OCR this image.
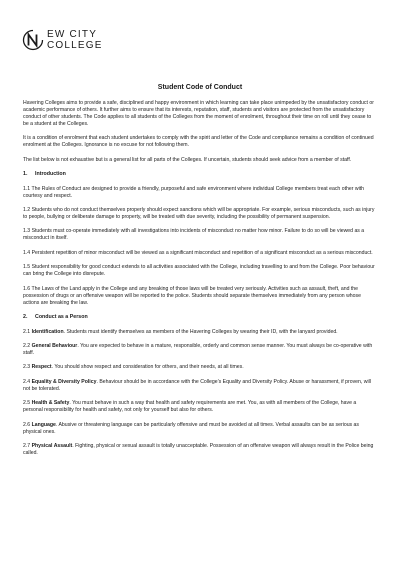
EW CITY
COLLEGE
Student Code of Conduct

Havering Colleges aims to provide a safe, disciplined and happy environment in which learning can take place unimpeded by the unsatisfactory conduct or academic performance of others. It further aims to ensure that its interests, reputation, staff, students and visitors are protected from the unsatisfactory conduct of other students. The Code applies to all students of the Colleges from the moment of enrolment, throughout their time on roll until they cease to be a student at the Colleges.

It is a condition of enrolment that each student undertakes to comply with the spirit and letter of the Code and compliance remains a condition of continued enrolment at the Colleges. Ignorance is no excuse for not following them.

The list below is not exhaustive but is a general list for all parts of the Colleges. If uncertain, students should seek advice from a member of staff.

1. Introduction

1.1 The Rules of Conduct are designed to provide a friendly, purposeful and safe environment where individual College members treat each other with courtesy and respect.

1.2 Students who do not conduct themselves properly should expect sanctions which will be appropriate. For example, serious misconducts, such as injury to people, bullying or deliberate damage to property, will be treated with due severity, including the possibility of permanent suspension.

1.3 Students must co-operate immediately with all investigations into incidents of misconduct no matter how minor. Failure to do so will be viewed as a misconduct in itself.

1.4 Persistent repetition of minor misconduct will be viewed as a significant misconduct and repetition of a significant misconduct as a serious misconduct.

1.5 Student responsibility for good conduct extends to all activities associated with the College, including travelling to and from the College. Poor behaviour can bring the College into disrepute.

1.6 The Laws of the Land apply in the College and any breaking of those laws will be treated very seriously. Activities such as assault, theft, and the possession of drugs or an offensive weapon will be reported to the police. Students should separate themselves immediately from any person whose actions are breaking the law.

2. Conduct as a Person

2.1 Identification. Students must identify themselves as members of the Havering Colleges by wearing their ID, with the lanyard provided.

2.2 General Behaviour. You are expected to behave in a mature, responsible, orderly and common sense manner. You must always be co-operative with staff.

2.3 Respect. You should show respect and consideration for others, and their needs, at all times.

2.4 Equality & Diversity Policy. Behaviour should be in accordance with the College’s Equality and Diversity Policy. Abuse or harassment, if proven, will not be tolerated.

2.5 Health & Safety. You must behave in such a way that health and safety requirements are met. You, as with all members of the College, have a personal responsibility for health and safety, not only for yourself but also for others.

2.6 Language. Abusive or threatening language can be particularly offensive and must be avoided at all times. Verbal assaults can be as serious as physical ones.

2.7 Physical Assault. Fighting, physical or sexual assault is totally unacceptable. Possession of an offensive weapon will always result in the Police being called.
